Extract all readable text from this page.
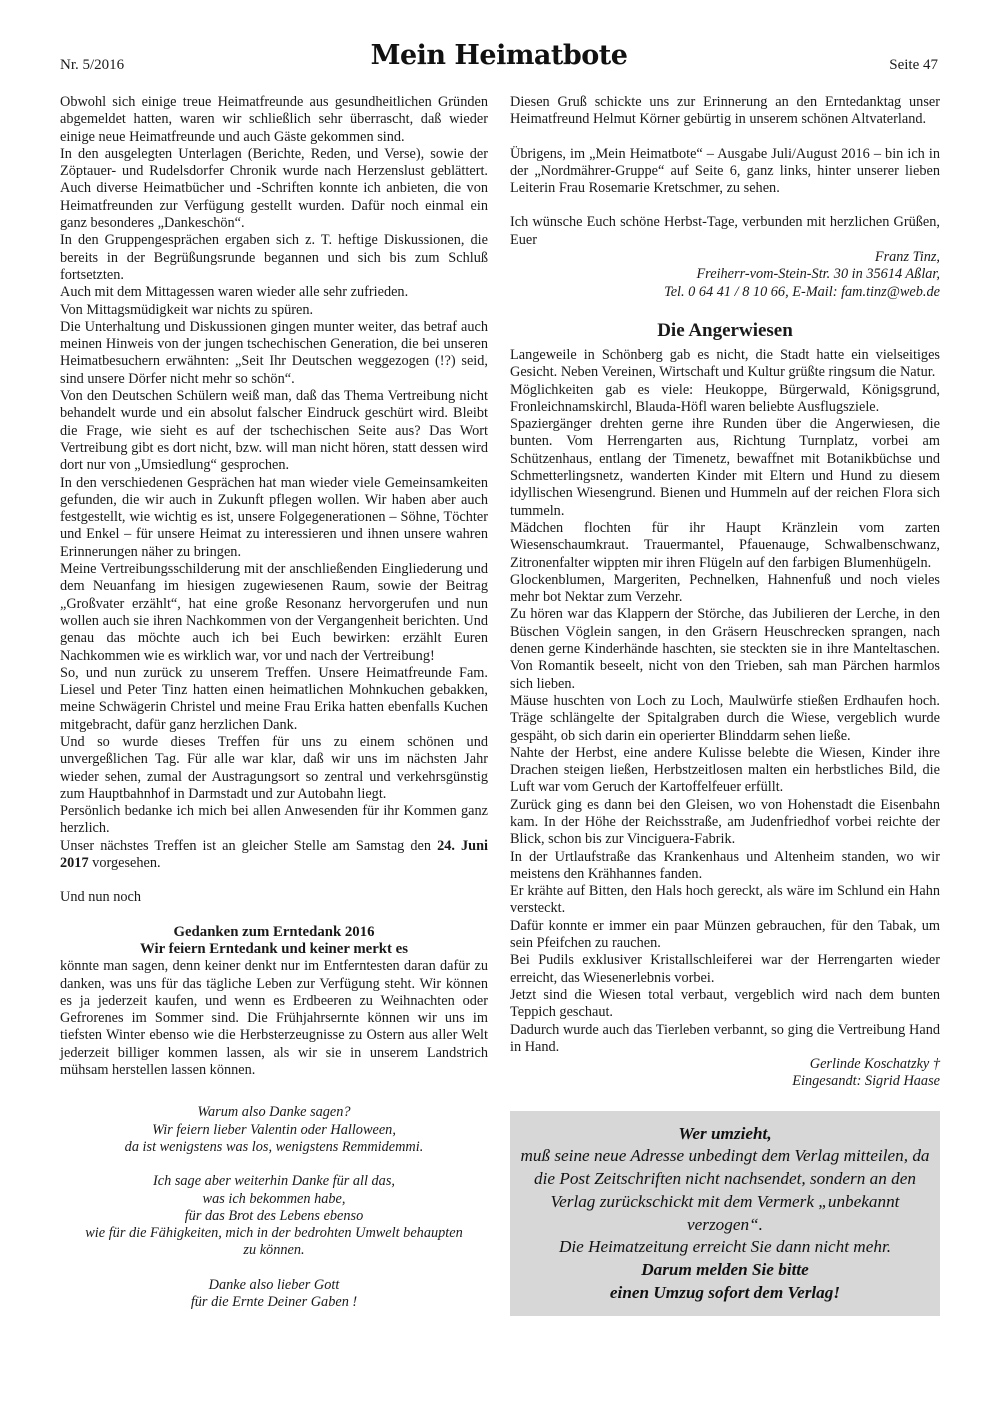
Nr. 5/2016	Mein Heimatbote	Seite 47

Obwohl sich einige treue Heimatfreunde aus gesundheitlichen Gründen abgemeldet hatten, waren wir schließlich sehr überrascht, daß wieder einige neue Heimatfreunde und auch Gäste gekommen sind.

In den ausgelegten Unterlagen (Berichte, Reden, und Verse), sowie der Zöptauer- und Rudelsdorfer Chronik wurde nach Herzenslust geblättert. Auch diverse Heimatbücher und -Schriften konnte ich anbieten, die von Heimatfreunden zur Verfügung gestellt wurden. Dafür noch einmal ein ganz besonderes „Dankeschön“.

In den Gruppengesprächen ergaben sich z. T. heftige Diskussionen, die bereits in der Begrüßungsrunde begannen und sich bis zum Schluß fortsetzten.

Auch mit dem Mittagessen waren wieder alle sehr zufrieden.

Von Mittagsmüdigkeit war nichts zu spüren.

Die Unterhaltung und Diskussionen gingen munter weiter, das betraf auch meinen Hinweis von der jungen tschechischen Generation, die bei unseren Heimatbesuchern erwähnten: „Seit Ihr Deutschen weggezogen (!?) seid, sind unsere Dörfer nicht mehr so schön“.

Von den Deutschen Schülern weiß man, daß das Thema Vertreibung nicht behandelt wurde und ein absolut falscher Eindruck geschürt wird. Bleibt die Frage, wie sieht es auf der tschechischen Seite aus? Das Wort Vertreibung gibt es dort nicht, bzw. will man nicht hören, statt dessen wird dort nur von „Umsiedlung“ gesprochen.

In den verschiedenen Gesprächen hat man wieder viele Gemeinsamkeiten gefunden, die wir auch in Zukunft pflegen wollen. Wir haben aber auch festgestellt, wie wichtig es ist, unsere Folgegenerationen – Söhne, Töchter und Enkel – für unsere Heimat zu interessieren und ihnen unsere wahren Erinnerungen näher zu bringen.

Meine Vertreibungsschilderung mit der anschließenden Eingliederung und dem Neuanfang im hiesigen zugewiesenen Raum, sowie der Beitrag „Großvater erzählt“, hat eine große Resonanz hervorgerufen und nun wollen auch sie ihren Nachkommen von der Vergangenheit berichten. Und genau das möchte auch ich bei Euch bewirken: erzählt Euren Nachkommen wie es wirklich war, vor und nach der Vertreibung!

So, und nun zurück zu unserem Treffen. Unsere Heimatfreunde Fam. Liesel und Peter Tinz hatten einen heimatlichen Mohnkuchen gebakken, meine Schwägerin Christel und meine Frau Erika hatten ebenfalls Kuchen mitgebracht, dafür ganz herzlichen Dank.

Und so wurde dieses Treffen für uns zu einem schönen und unvergeßlichen Tag. Für alle war klar, daß wir uns im nächsten Jahr wieder sehen, zumal der Austragungsort so zentral und verkehrsgünstig zum Hauptbahnhof in Darmstadt und zur Autobahn liegt.

Persönlich bedanke ich mich bei allen Anwesenden für ihr Kommen ganz herzlich.

Unser nächstes Treffen ist an gleicher Stelle am Samstag den 24. Juni 2017 vorgesehen.

Und nun noch

Gedanken zum Erntedank 2016
Wir feiern Erntedank und keiner merkt es

könnte man sagen, denn keiner denkt nur im Entferntesten daran dafür zu danken, was uns für das tägliche Leben zur Verfügung steht. Wir können es ja jederzeit kaufen, und wenn es Erdbeeren zu Weihnachten oder Gefrorenes im Sommer sind. Die Frühjahrsernte können wir uns im tiefsten Winter ebenso wie die Herbsterzeugnisse zu Ostern aus aller Welt jederzeit billiger kommen lassen, als wir sie in unserem Landstrich mühsam herstellen lassen können.

Warum also Danke sagen?
Wir feiern lieber Valentin oder Halloween,
da ist wenigstens was los, wenigstens Remmidemmi.
Ich sage aber weiterhin Danke für all das,
was ich bekommen habe,
für das Brot des Lebens ebenso
wie für die Fähigkeiten, mich in der bedrohten Umwelt behaupten
zu können.
Danke also lieber Gott
für die Ernte Deiner Gaben !

Diesen Gruß schickte uns zur Erinnerung an den Erntedanktag unser Heimatfreund Helmut Körner gebürtig in unserem schönen Altvaterland.

Übrigens, im „Mein Heimatbote“ – Ausgabe Juli/August 2016 – bin ich in der „Nordmährer-Gruppe“ auf Seite 6, ganz links, hinter unserer lieben Leiterin Frau Rosemarie Kretschmer, zu sehen.

Ich wünsche Euch schöne Herbst-Tage, verbunden mit herzlichen Grüßen, Euer

Franz Tinz,

Freiherr-vom-Stein-Str. 30 in 35614 Aßlar,

Tel. 0 64 41 / 8 10 66, E-Mail: fam.tinz@web.de

Die Angerwiesen

Langeweile in Schönberg gab es nicht, die Stadt hatte ein vielseitiges Gesicht. Neben Vereinen, Wirtschaft und Kultur grüßte ringsum die Natur.

Möglichkeiten gab es viele: Heukoppe, Bürgerwald, Königsgrund, Fronleichnamskirchl, Blauda-Höfl waren beliebte Ausflugsziele.

Spaziergänger drehten gerne ihre Runden über die Angerwiesen, die bunten. Vom Herrengarten aus, Richtung Turnplatz, vorbei am Schützenhaus, entlang der Timenetz, bewaffnet mit Botanikbüchse und Schmetterlingsnetz, wanderten Kinder mit Eltern und Hund zu diesem idyllischen Wiesengrund. Bienen und Hummeln auf der reichen Flora sich tummeln.

Mädchen flochten für ihr Haupt Kränzlein vom zarten Wiesenschaumkraut. Trauermantel, Pfauenauge, Schwalbenschwanz, Zitronenfalter wippten mir ihren Flügeln auf den farbigen Blumenhügeln.

Glockenblumen, Margeriten, Pechnelken, Hahnenfuß und noch vieles mehr bot Nektar zum Verzehr.

Zu hören war das Klappern der Störche, das Jubilieren der Lerche, in den Büschen Vöglein sangen, in den Gräsern Heuschrecken sprangen, nach denen gerne Kinderhände haschten, sie steckten sie in ihre Manteltaschen. Von Romantik beseelt, nicht von den Trieben, sah man Pärchen harmlos sich lieben.

Mäuse huschten von Loch zu Loch, Maulwürfe stießen Erdhaufen hoch. Träge schlängelte der Spitalgraben durch die Wiese, vergeblich wurde gespäht, ob sich darin ein operierter Blinddarm sehen ließe.

Nahte der Herbst, eine andere Kulisse belebte die Wiesen, Kinder ihre Drachen steigen ließen, Herbstzeitlosen malten ein herbstliches Bild, die Luft war vom Geruch der Kartoffelfeuer erfüllt.

Zurück ging es dann bei den Gleisen, wo von Hohenstadt die Eisenbahn kam. In der Höhe der Reichsstraße, am Judenfriedhof vorbei reichte der Blick, schon bis zur Vinciguera-Fabrik.

In der Urtlaufstraße das Krankenhaus und Altenheim standen, wo wir meistens den Krähhannes fanden.

Er krähte auf Bitten, den Hals hoch gereckt, als wäre im Schlund ein Hahn versteckt.

Dafür konnte er immer ein paar Münzen gebrauchen, für den Tabak, um sein Pfeifchen zu rauchen.

Bei Pudils exklusiver Kristallschleiferei war der Herrengarten wieder erreicht, das Wiesenerlebnis vorbei.

Jetzt sind die Wiesen total verbaut, vergeblich wird nach dem bunten Teppich geschaut.

Dadurch wurde auch das Tierleben verbannt, so ging die Vertreibung Hand in Hand.

Gerlinde Koschatzky †

Eingesandt: Sigrid Haase

Wer umzieht,
muß seine neue Adresse unbedingt dem Verlag mitteilen, da die Post Zeitschriften nicht nachsendet, sondern an den Verlag zurückschickt mit dem Vermerk „unbekannt verzogen“.
Die Heimatzeitung erreicht Sie dann nicht mehr.
Darum melden Sie bitte
einen Umzug sofort dem Verlag!
